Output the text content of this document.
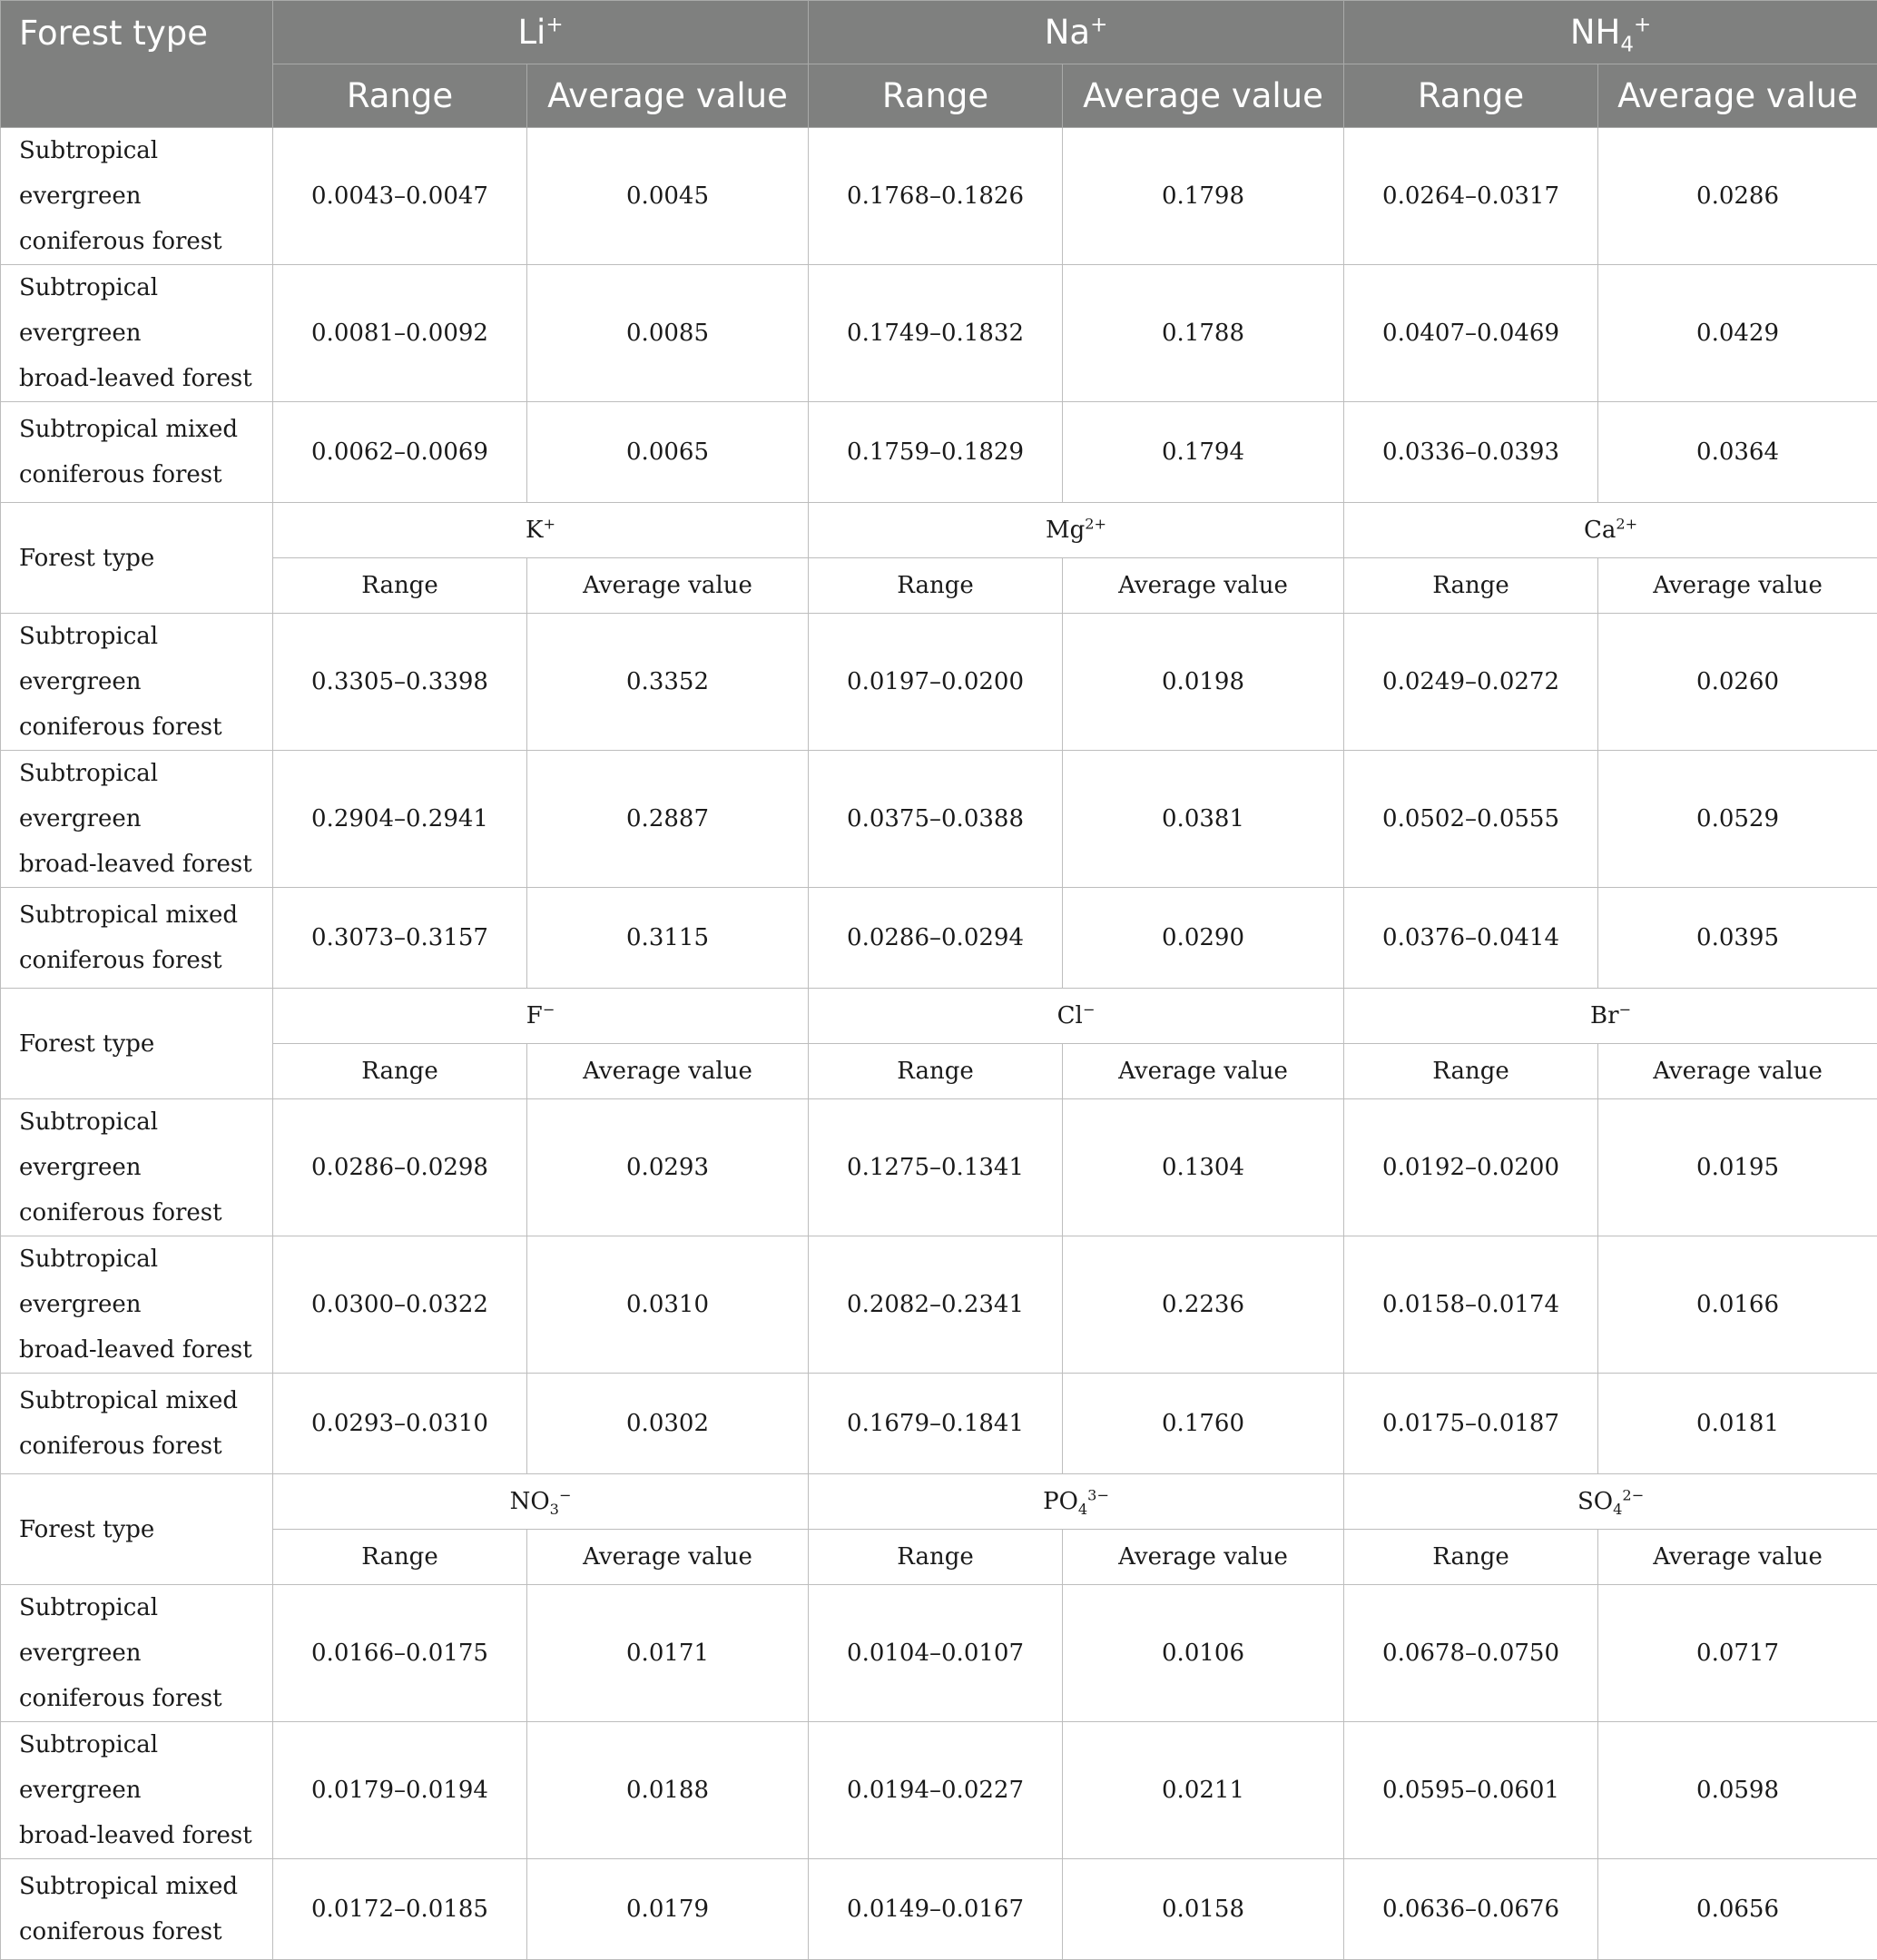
Forest type	Li+		Na+		$NH_4^+$
	Range	Average value	Range	Average value	Range	Average value
Subtropical evergreen
coniferous forest	0.0043–0.0047	0.0045	0.1768–0.1826	0.1798	0.0264–0.0317	0.0286
Subtropical evergreen
broad-leaved forest	0.0081–0.0092	0.0085	0.1749–0.1832	0.1788	0.0407–0.0469	0.0429
Subtropical mixed
coniferous forest	0.0062–0.0069	0.0065	0.1759–0.1829	0.1794	0.0336–0.0393	0.0364
Forest type	K+		$Mg^{2+}$		$Ca^{2+}$
	Range	Average value	Range	Average value	Range	Average value
Subtropical evergreen
coniferous forest	0.3305–0.3398	0.3352	0.0197–0.0200	0.0198	0.0249–0.0272	0.0260
Subtropical evergreen
broad-leaved forest	0.2904–0.2941	0.2887	0.0375–0.0388	0.0381	0.0502–0.0555	0.0529
Subtropical mixed
coniferous forest	0.3073–0.3157	0.3115	0.0286–0.0294	0.0290	0.0376–0.0414	0.0395
Forest type	F−		Cl−		Br−
	Range	Average value	Range	Average value	Range	Average value
Subtropical evergreen
coniferous forest	0.0286–0.0298	0.0293	0.1275–0.1341	0.1304	0.0192–0.0200	0.0195
Subtropical evergreen
broad-leaved forest	0.0300–0.0322	0.0310	0.2082–0.2341	0.2236	0.0158–0.0174	0.0166
Subtropical mixed
coniferous forest	0.0293–0.0310	0.0302	0.1679–0.1841	0.1760	0.0175–0.0187	0.0181
Forest type	$NO_3^-$		$PO_4^{3-}$		$SO_4^{2-}$
	Range	Average value	Range	Average value	Range	Average value
Subtropical evergreen
coniferous forest	0.0166–0.0175	0.0171	0.0104–0.0107	0.0106	0.0678–0.0750	0.0717
Subtropical evergreen
broad-leaved forest	0.0179–0.0194	0.0188	0.0194–0.0227	0.0211	0.0595–0.0601	0.0598
Subtropical mixed
coniferous forest	0.0172–0.0185	0.0179	0.0149–0.0167	0.0158	0.0636–0.0676	0.0656
